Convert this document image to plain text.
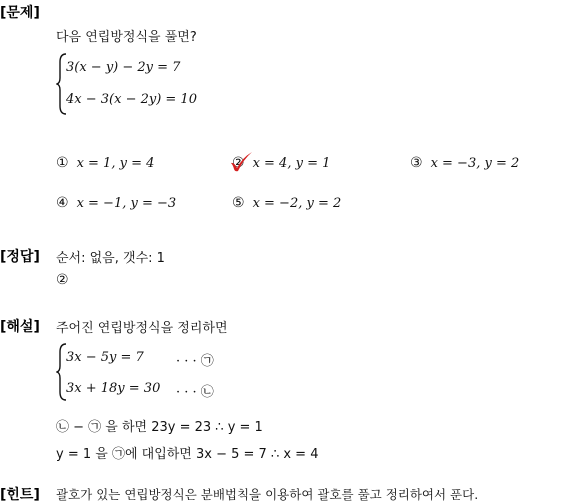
[문제]
다음 연립방정식을 풀면?
3(x − y) − 2y = 7
4x − 3(x − 2y) = 10
① x = 1, y = 4	② x = 4, y = 1	③ x = −3, y = 2
④ x = −1, y = −3	⑤ x = −2, y = 2
[정답] 순서: 없음, 갯수: 1
②
[해설] 주어진 연립방정식을 정리하면
3x − 5y = 7 · · · ㉠
3x + 18y = 30 · · · ㉡
㉡ − ㉠ 을 하면 23y = 23 ∴ y = 1
y = 1 을 ㉠에 대입하면 3x − 5 = 7 ∴ x = 4
[힌트] 괄호가 있는 연립방정식은 분배법칙을 이용하여 괄호를 풀고 정리하여서 푼다.
